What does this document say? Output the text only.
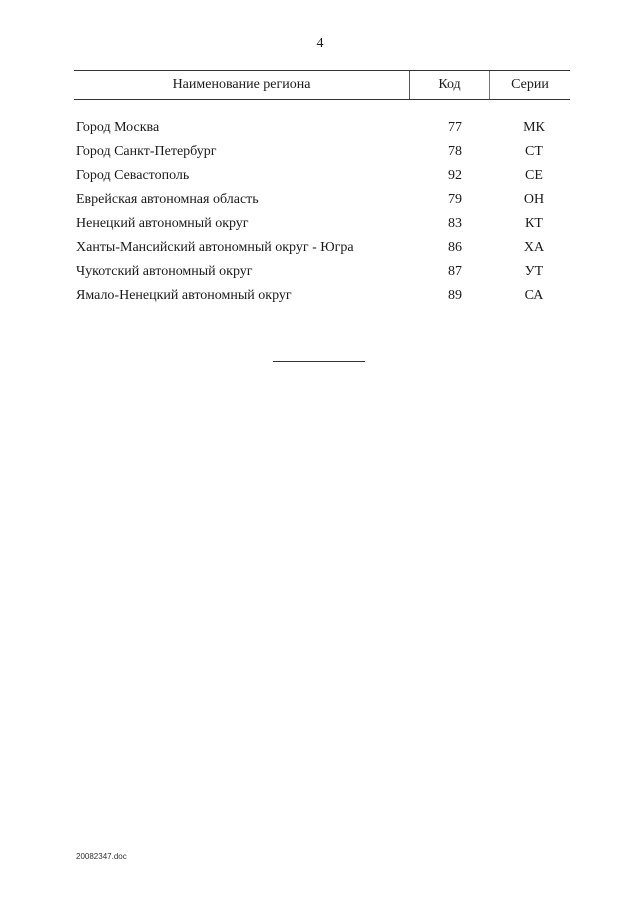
4
Наименование региона	Код	Серии
Город Москва	77	МК
Город Санкт-Петербург	78	СТ
Город Севастополь	92	СЕ
Еврейская автономная область	79	ОН
Ненецкий автономный округ	83	КТ
Ханты-Мансийский автономный округ - Югра	86	ХА
Чукотский автономный округ	87	УТ
Ямало-Ненецкий автономный округ	89	СА
20082347.doc
